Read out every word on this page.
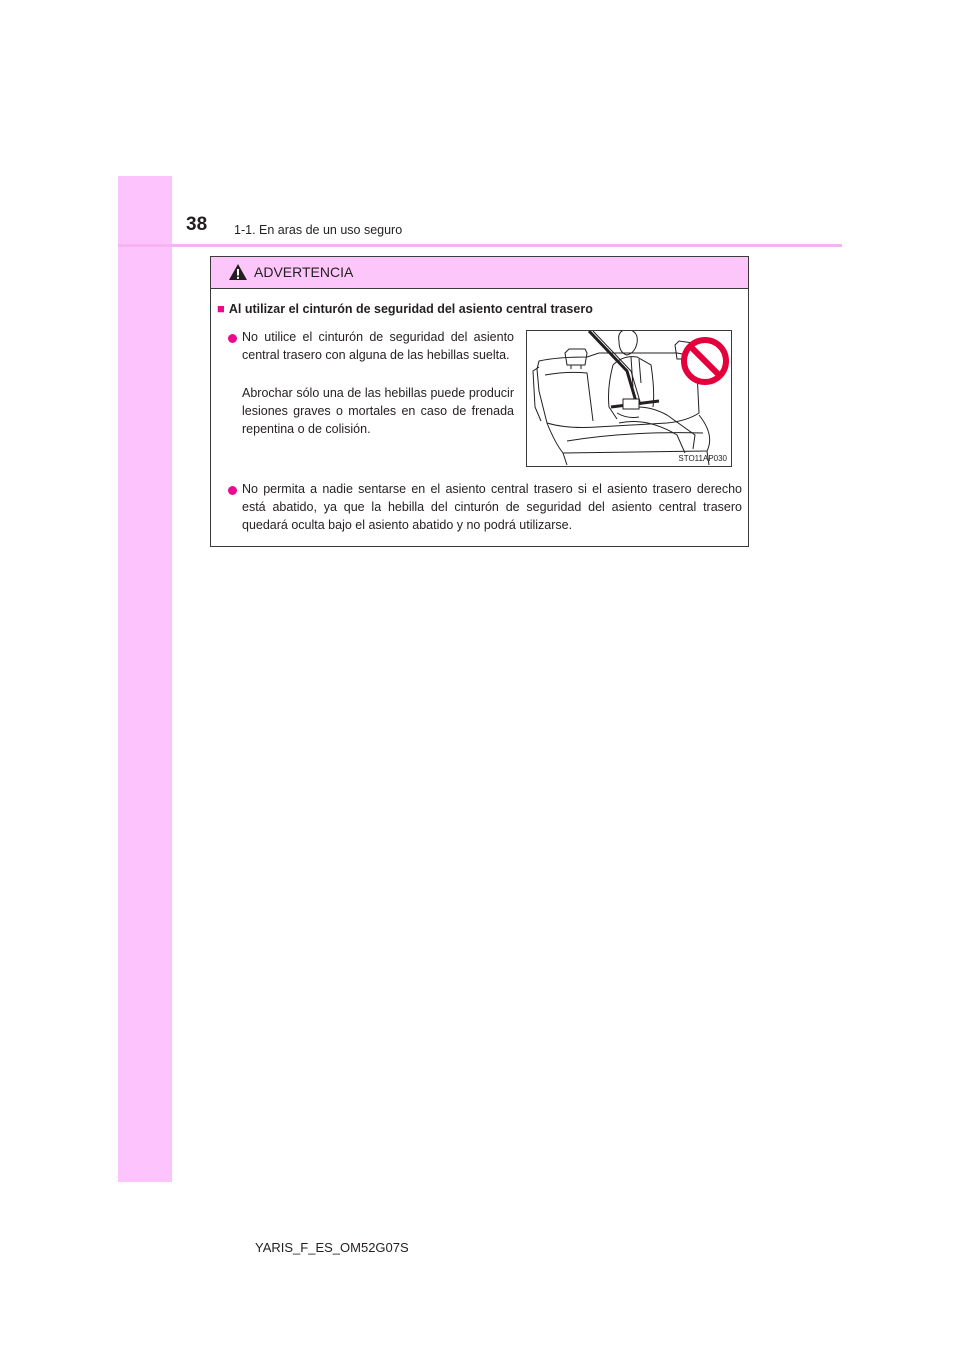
38 1-1. En aras de un uso seguro
ADVERTENCIA
■ Al utilizar el cinturón de seguridad del asiento central trasero

No utilice el cinturón de seguridad del asiento central trasero con alguna de las hebillas suelta.

Abrochar sólo una de las hebillas puede producir lesiones graves o mortales en caso de frenada repentina o de colisión.

STO11AP030

No permita a nadie sentarse en el asiento central trasero si el asiento trasero derecho está abatido, ya que la hebilla del cinturón de seguridad del asiento central trasero quedará oculta bajo el asiento abatido y no podrá utilizarse.

YARIS_F_ES_OM52G07S
